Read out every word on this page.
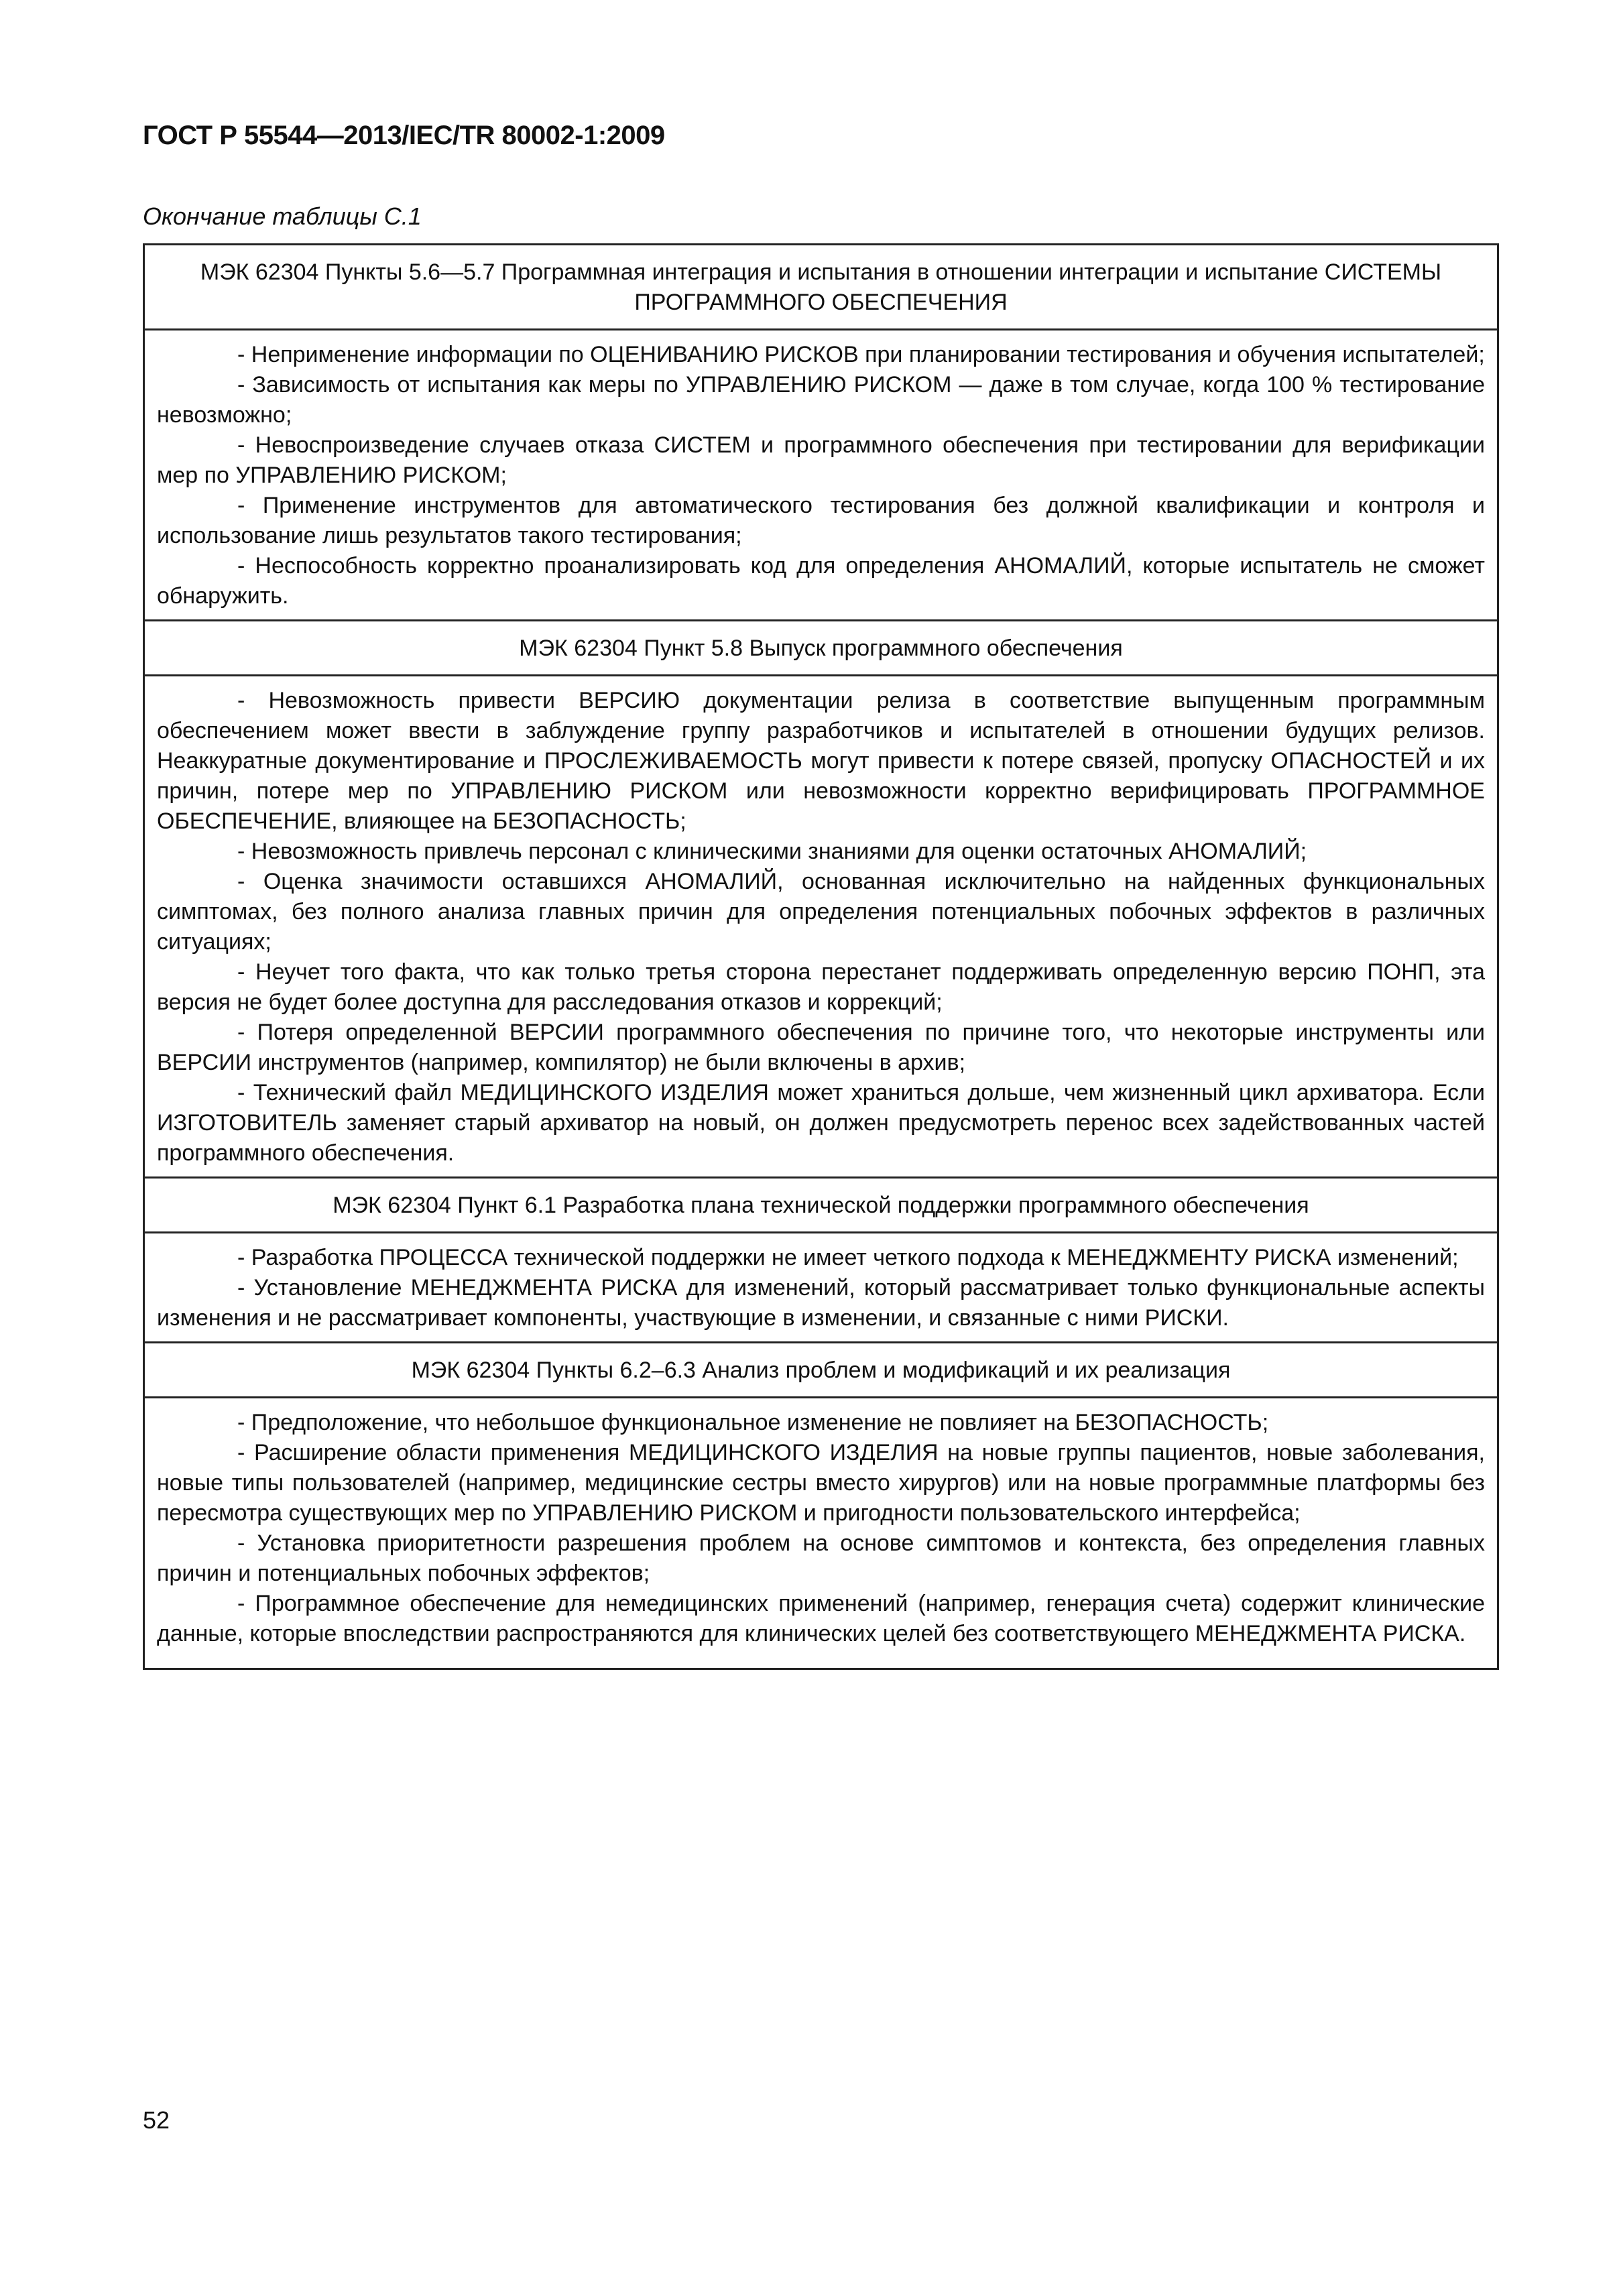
ГОСТ Р 55544—2013/IEC/TR 80002-1:2009
Окончание таблицы С.1
МЭК 62304 Пункты 5.6—5.7 Программная интеграция и испытания в отношении интеграции и испытание СИСТЕМЫ ПРОГРАММНОГО ОБЕСПЕЧЕНИЯ

- Неприменение информации по ОЦЕНИВАНИЮ РИСКОВ при планировании тестирования и обучения испытателей;

- Зависимость от испытания как меры по УПРАВЛЕНИЮ РИСКОМ — даже в том случае, когда 100 % тестирование невозможно;

- Невоспроизведение случаев отказа СИСТЕМ и программного обеспечения при тестировании для верификации мер по УПРАВЛЕНИЮ РИСКОМ;

- Применение инструментов для автоматического тестирования без должной квалификации и контроля и использование лишь результатов такого тестирования;

- Неспособность корректно проанализировать код для определения АНОМАЛИЙ, которые испытатель не сможет обнаружить.

МЭК 62304 Пункт 5.8 Выпуск программного обеспечения

- Невозможность привести ВЕРСИЮ документации релиза в соответствие выпущенным программным обеспечением может ввести в заблуждение группу разработчиков и испытателей в отношении будущих релизов. Неаккуратные документирование и ПРОСЛЕЖИВАЕМОСТЬ могут привести к потере связей, пропуску ОПАСНОСТЕЙ и их причин, потере мер по УПРАВЛЕНИЮ РИСКОМ или невозможности корректно верифицировать ПРОГРАММНОЕ ОБЕСПЕЧЕНИЕ, влияющее на БЕЗОПАСНОСТЬ;

- Невозможность привлечь персонал с клиническими знаниями для оценки остаточных АНОМАЛИЙ;

- Оценка значимости оставшихся АНОМАЛИЙ, основанная исключительно на найденных функциональных симптомах, без полного анализа главных причин для определения потенциальных побочных эффектов в различных ситуациях;

- Неучет того факта, что как только третья сторона перестанет поддерживать определенную версию ПОНП, эта версия не будет более доступна для расследования отказов и коррекций;

- Потеря определенной ВЕРСИИ программного обеспечения по причине того, что некоторые инструменты или ВЕРСИИ инструментов (например, компилятор) не были включены в архив;

- Технический файл МЕДИЦИНСКОГО ИЗДЕЛИЯ может храниться дольше, чем жизненный цикл архиватора. Если ИЗГОТОВИТЕЛЬ заменяет старый архиватор на новый, он должен предусмотреть перенос всех задействованных частей программного обеспечения.

МЭК 62304 Пункт 6.1 Разработка плана технической поддержки программного обеспечения

- Разработка ПРОЦЕССА технической поддержки не имеет четкого подхода к МЕНЕДЖМЕНТУ РИСКА изменений;

- Установление МЕНЕДЖМЕНТА РИСКА для изменений, который рассматривает только функциональные аспекты изменения и не рассматривает компоненты, участвующие в изменении, и связанные с ними РИСКИ.

МЭК 62304 Пункты 6.2–6.3 Анализ проблем и модификаций и их реализация

- Предположение, что небольшое функциональное изменение не повлияет на БЕЗОПАСНОСТЬ;

- Расширение области применения МЕДИЦИНСКОГО ИЗДЕЛИЯ на новые группы пациентов, новые заболевания, новые типы пользователей (например, медицинские сестры вместо хирургов) или на новые программные платформы без пересмотра существующих мер по УПРАВЛЕНИЮ РИСКОМ и пригодности пользовательского интерфейса;

- Установка приоритетности разрешения проблем на основе симптомов и контекста, без определения главных причин и потенциальных побочных эффектов;

- Программное обеспечение для немедицинских применений (например, генерация счета) содержит клинические данные, которые впоследствии распространяются для клинических целей без соответствующего МЕНЕДЖМЕНТА РИСКА.

52
